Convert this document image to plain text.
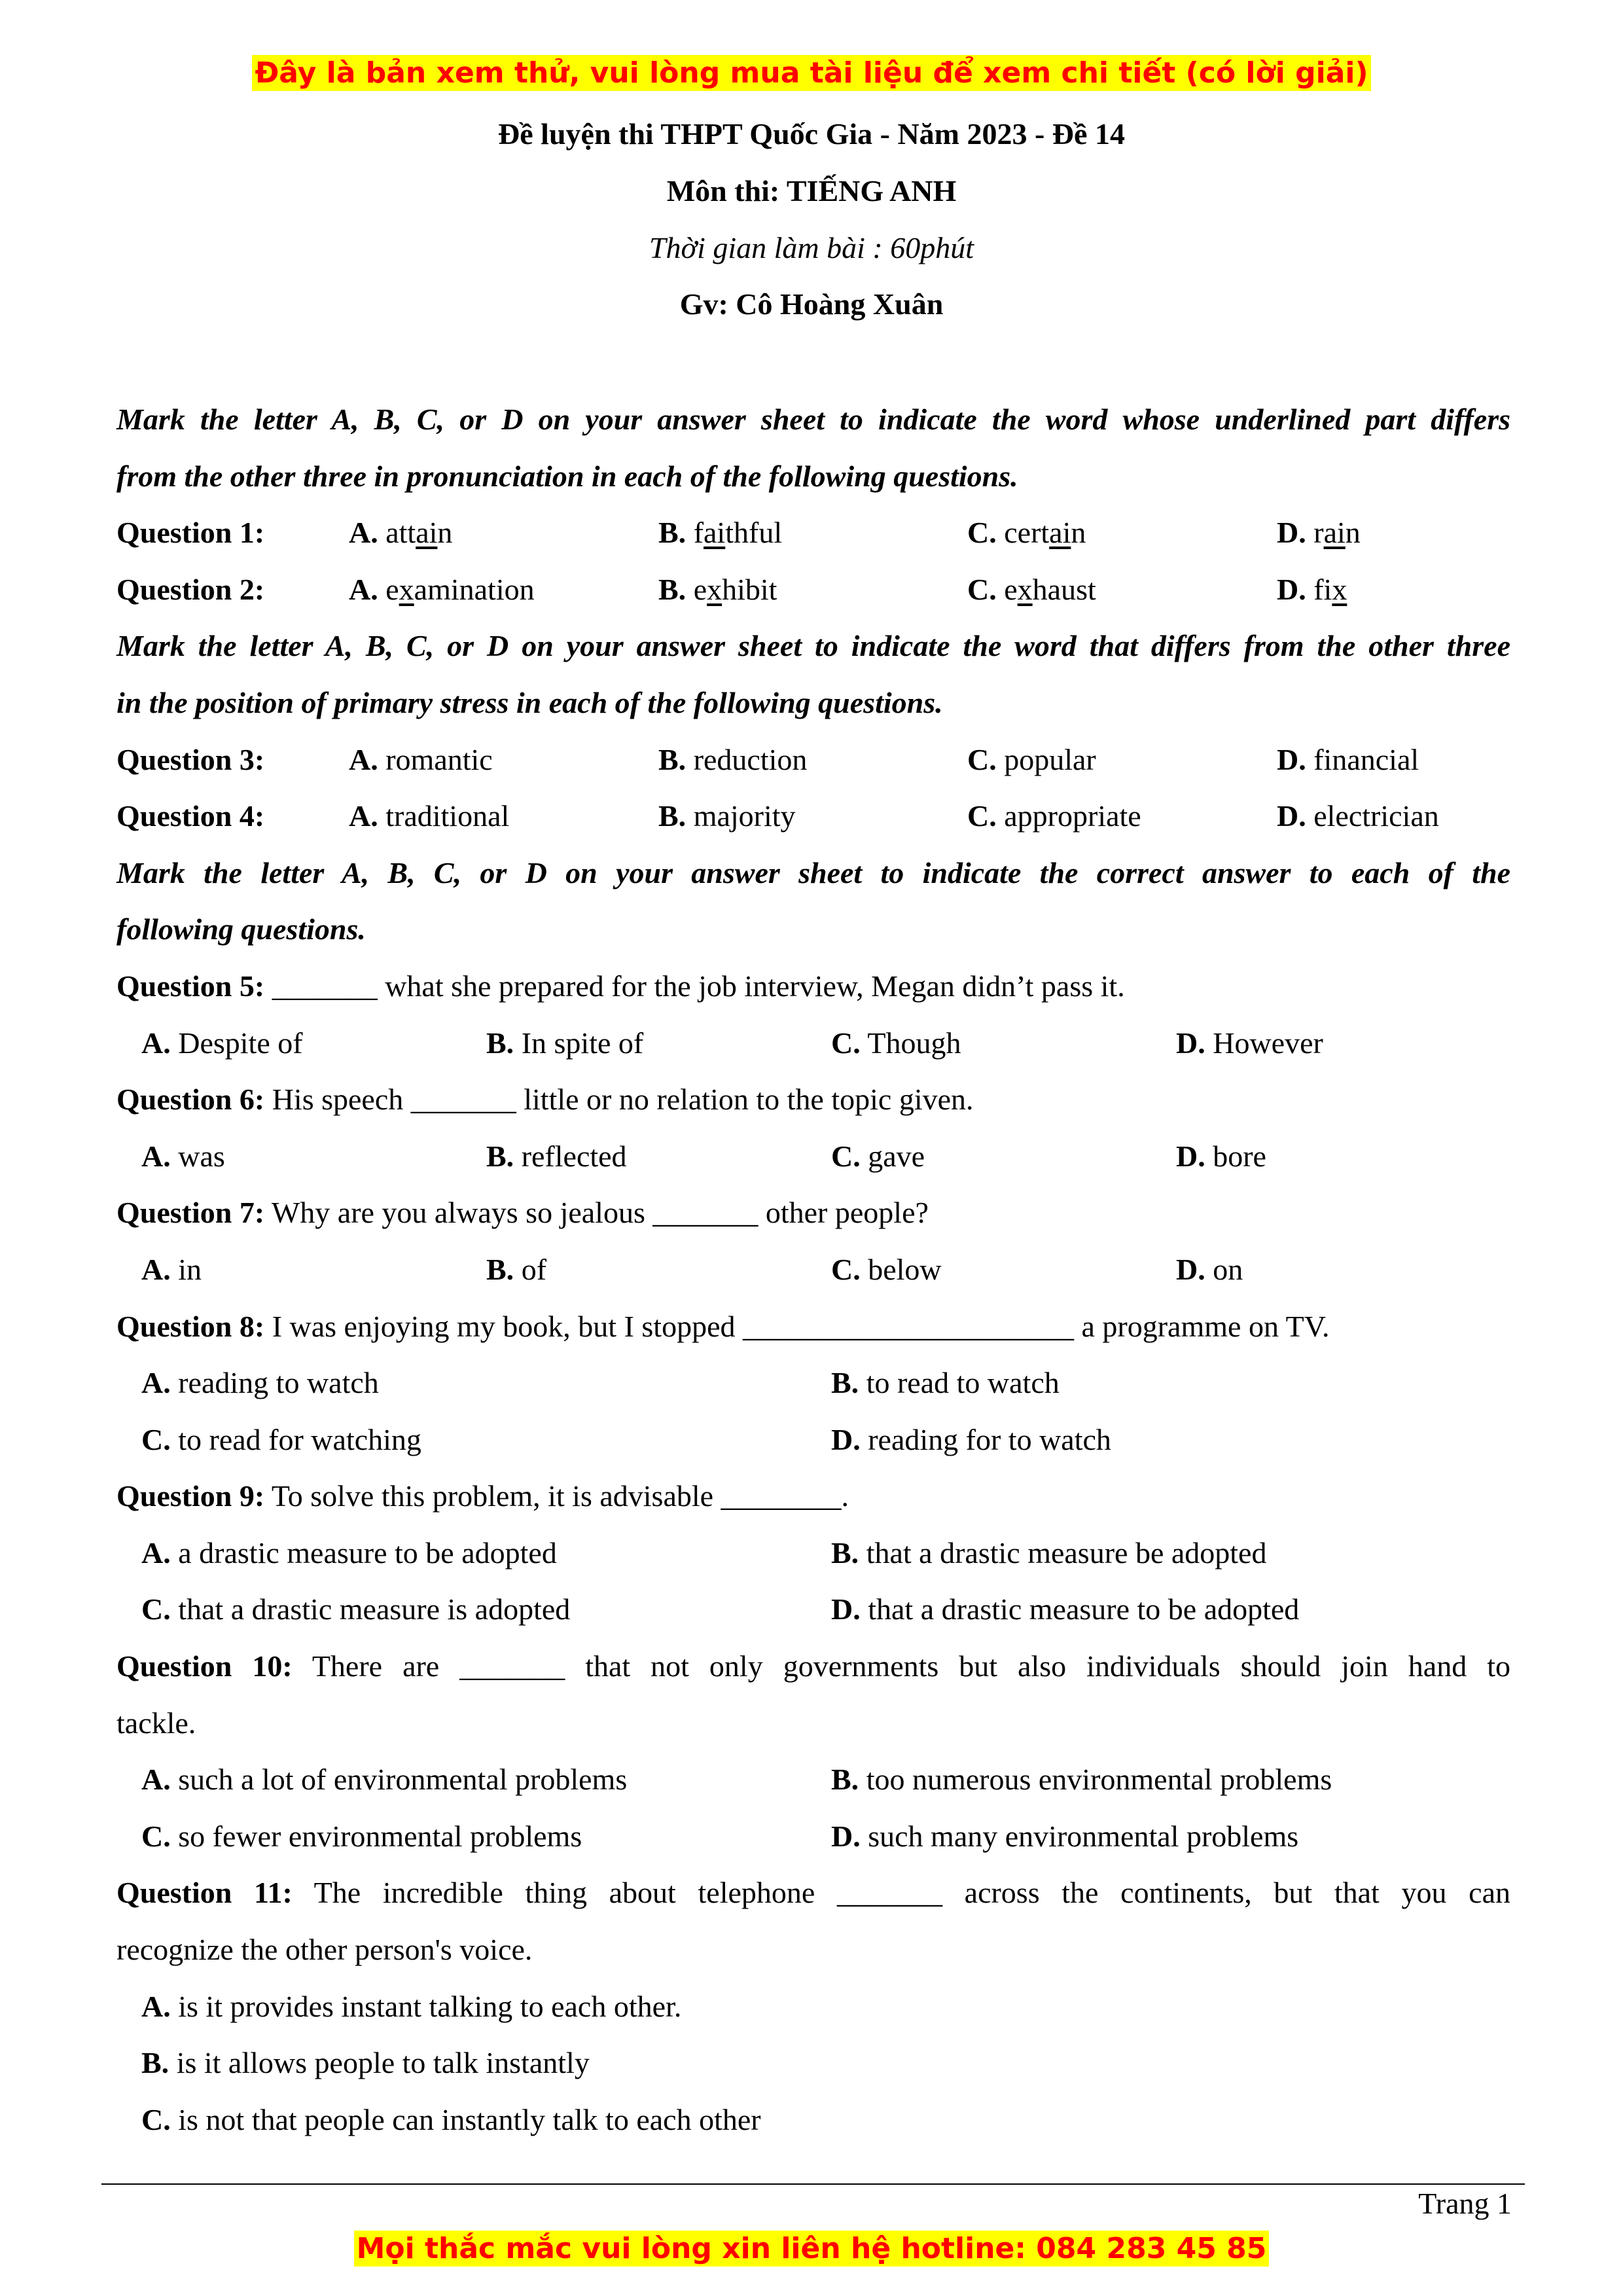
Đây là bản xem thử, vui lòng mua tài liệu để xem chi tiết (có lời giải)
Đề luyện thi THPT Quốc Gia - Năm 2023 - Đề 14
Môn thi: TIẾNG ANH
Thời gian làm bài : 60phút
Gv: Cô Hoàng Xuân
Mark the letter A, B, C, or D on your answer sheet to indicate the word whose underlined part differs
from the other three in pronunciation in each of the following questions.
Question 1:	A. attain	B. faithful	C. certain	D. rain
Question 2:	A. examination	B. exhibit	C. exhaust	D. fix
Mark the letter A, B, C, or D on your answer sheet to indicate the word that differs from the other three
in the position of primary stress in each of the following questions.
Question 3:	A. romantic	B. reduction	C. popular	D. financial
Question 4:	A. traditional	B. majority	C. appropriate	D. electrician
Mark the letter A, B, C, or D on your answer sheet to indicate the correct answer to each of the
following questions.
Question 5: _______ what she prepared for the job interview, Megan didn’t pass it.
A. Despite of	B. In spite of	C. Though	D. However
Question 6: His speech _______ little or no relation to the topic given.
A. was	B. reflected	C. gave	D. bore
Question 7: Why are you always so jealous _______ other people?
A. in	B. of	C. below	D. on
Question 8: I was enjoying my book, but I stopped ______________________ a programme on TV.
A. reading to watch	B. to read to watch
C. to read for watching	D. reading for to watch
Question 9: To solve this problem, it is advisable ________.
A. a drastic measure to be adopted	B. that a drastic measure be adopted
C. that a drastic measure is adopted	D. that a drastic measure to be adopted
Question 10: There are _______ that not only governments but also individuals should join hand to
tackle.
A. such a lot of environmental problems	B. too numerous environmental problems
C. so fewer environmental problems	D. such many environmental problems
Question 11: The incredible thing about telephone _______ across the continents, but that you can
recognize the other person's voice.
A. is it provides instant talking to each other.
B. is it allows people to talk instantly
C. is not that people can instantly talk to each other
Trang 1
Mọi thắc mắc vui lòng xin liên hệ hotline: 084 283 45 85
